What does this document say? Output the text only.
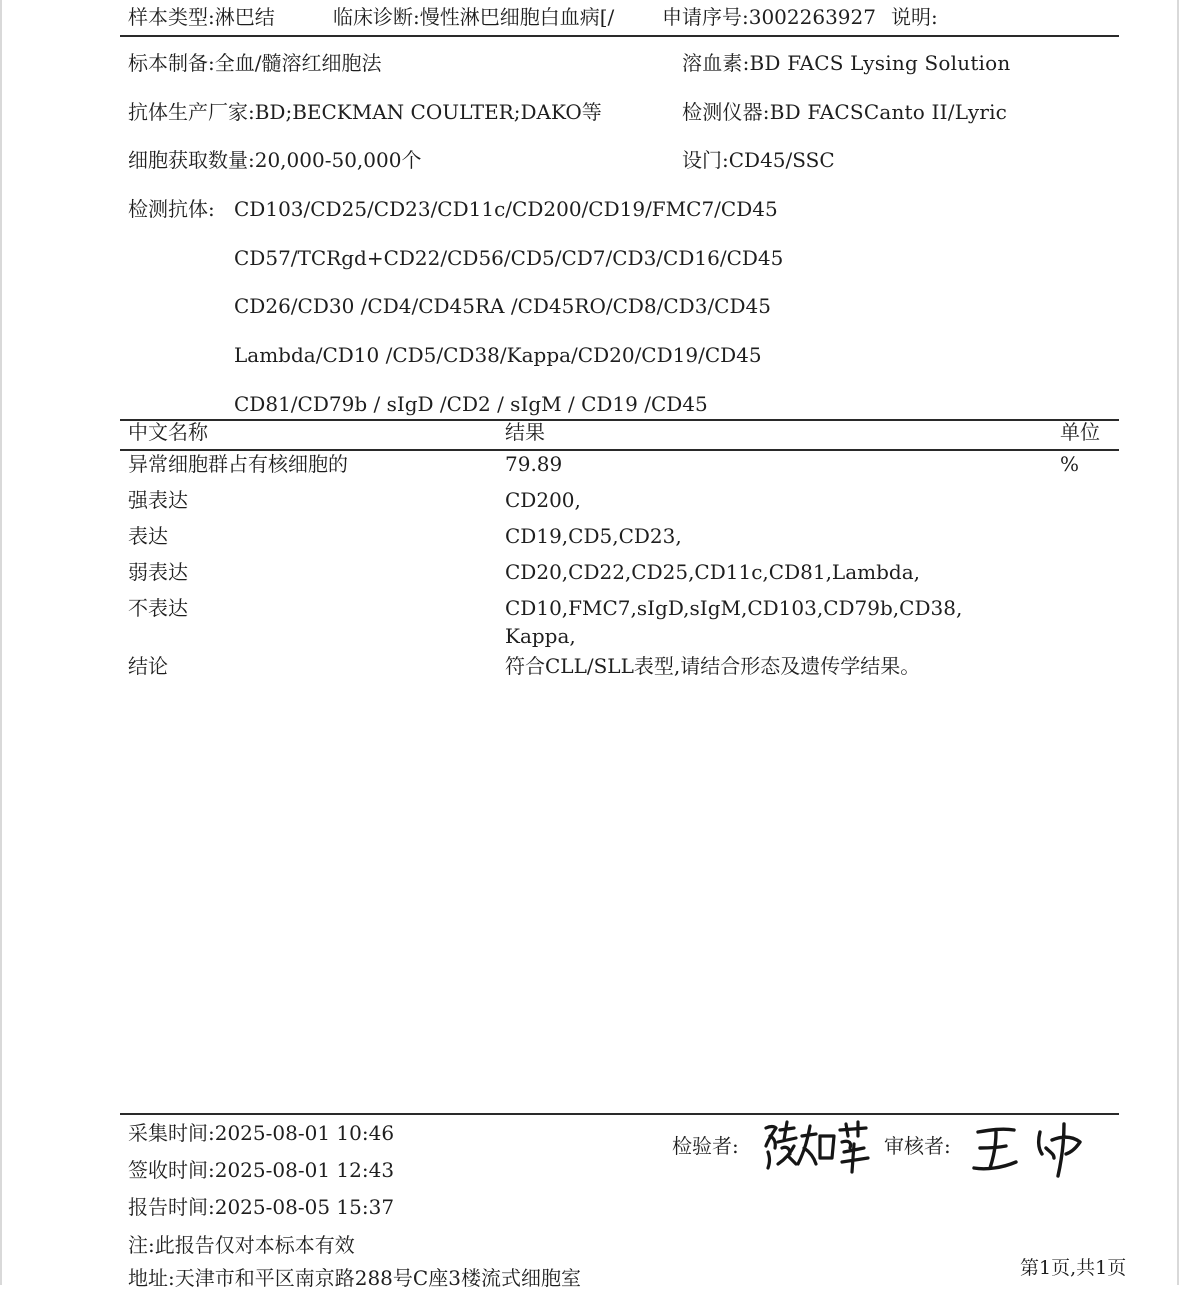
样本类型:淋巴结	临床诊断:慢性淋巴细胞白血病[/	申请序号:3002263927 说明:
标本制备:全血/髓溶红细胞法	溶血素:BD FACS Lysing Solution
抗体生产厂家:BD;BECKMAN COULTER;DAKO等	检测仪器:BD FACSCanto II/Lyric
细胞获取数量:20,000-50,000个	设门:CD45/SSC
检测抗体: CD103/CD25/CD23/CD11c/CD200/CD19/FMC7/CD45
CD57/TCRgd+CD22/CD56/CD5/CD7/CD3/CD16/CD45
CD26/CD30 /CD4/CD45RA /CD45RO/CD8/CD3/CD45
Lambda/CD10 /CD5/CD38/Kappa/CD20/CD19/CD45
CD81/CD79b / sIgD /CD2 / sIgM / CD19 /CD45
中文名称	结果	单位
异常细胞群占有核细胞的	79.89	%
强表达	CD200,
表达	CD19,CD5,CD23,
弱表达	CD20,CD22,CD25,CD11c,CD81,Lambda,
不表达	CD10,FMC7,sIgD,sIgM,CD103,CD79b,CD38,
Kappa,
结论	符合CLL/SLL表型,请结合形态及遗传学结果。
采集时间:2025-08-01 10:46
签收时间:2025-08-01 12:43
报告时间:2025-08-05 15:37
注:此报告仅对本标本有效
地址:天津市和平区南京路288号C座3楼流式细胞室
检验者:	审核者:
第1页,共1页
